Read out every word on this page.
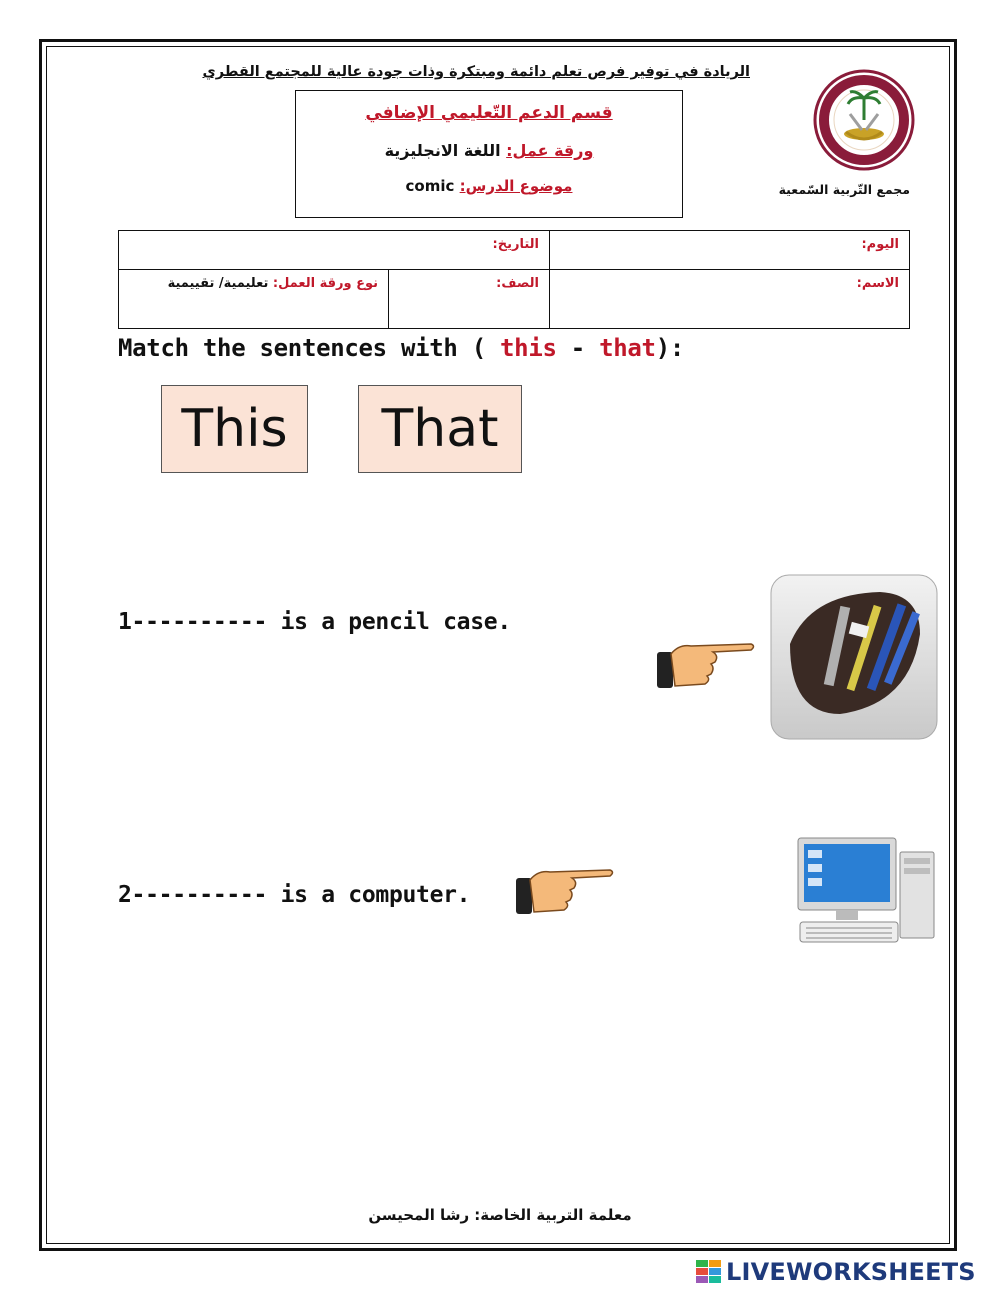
الريادة في توفير فرص تعلم دائمة ومبتكرة وذات جودة عالية للمجتمع القطري
قسم الدعم التّعليمي الإضافي
ورقة عمل: اللغة الانجليزية
موضوع الدرس: comic	مجمع التّربية السّمعية
اليوم:	التاريخ:	
الاسم:	الصف:	نوع ورقة العمل: تعليمية/ تقييمية
Match the sentences with ( this - that):
This	That
1---------- is a pencil case.
2---------- is a computer.
معلمة التربية الخاصة: رشا المحيسن
LIVEWORKSHEETS
